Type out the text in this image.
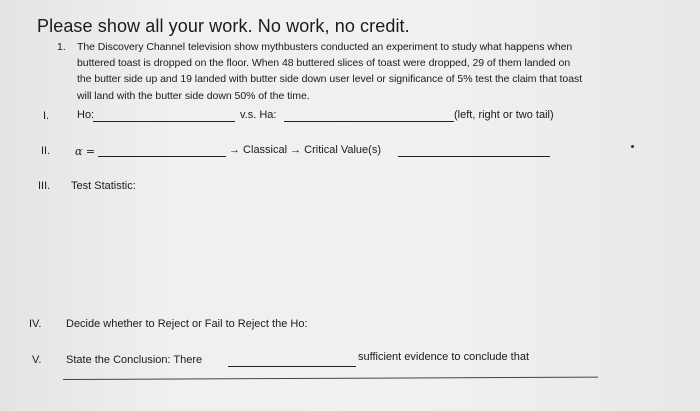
Please show all your work. No work, no credit.
1. The Discovery Channel television show mythbusters conducted an experiment to study what happens when
buttered toast is dropped on the floor. When 48 buttered slices of toast were dropped, 29 of them landed on
the butter side up and 19 landed with butter side down user level or significance of 5% test the claim that toast
will land with the butter side down 50% of the time.
I.	Ho:	v.s. Ha:	(left, right or two tail)
II. α =	→ Classical → Critical Value(s)
III. Test Statistic:
IV. Decide whether to Reject or Fail to Reject the Ho:
V. State the Conclusion: There	sufficient evidence to conclude that
